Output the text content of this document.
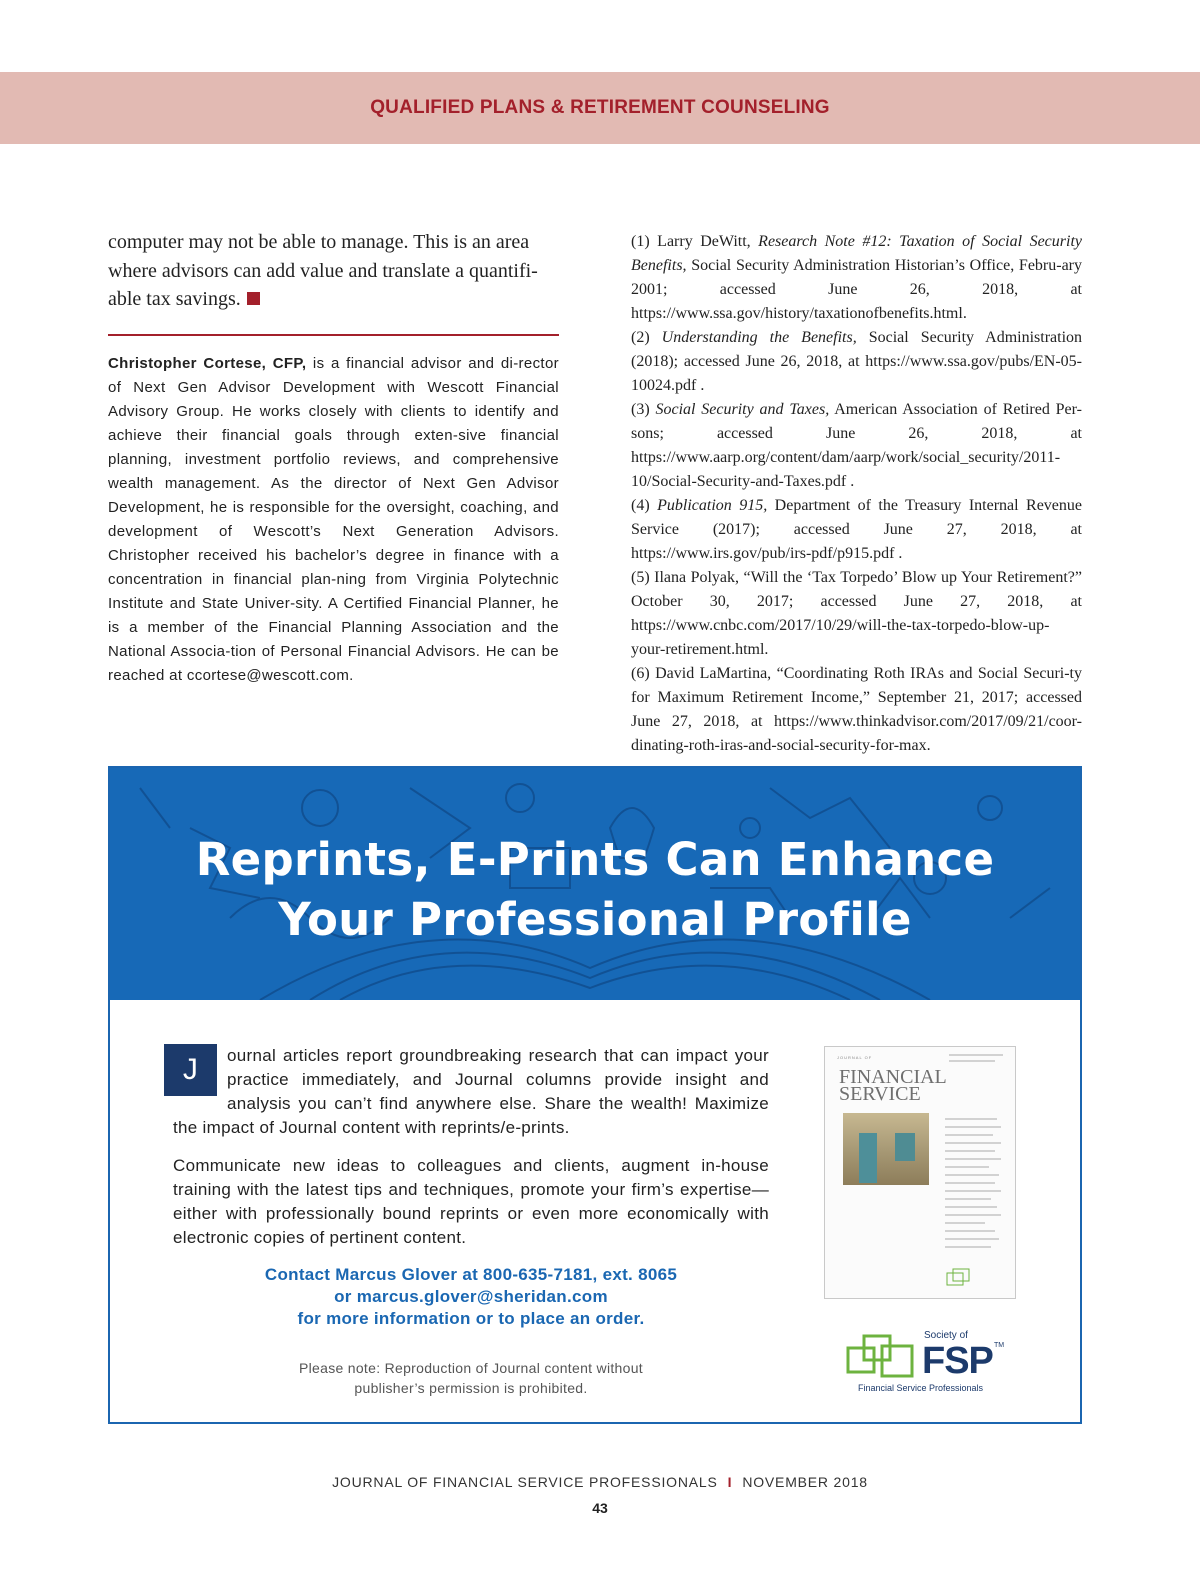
QUALIFIED PLANS & RETIREMENT COUNSELING

computer may not be able to manage. This is an area where advisors can add value and translate a quantifi-able tax savings.

Christopher Cortese, CFP, is a financial advisor and di-rector of Next Gen Advisor Development with Wescott Financial Advisory Group. He works closely with clients to identify and achieve their financial goals through exten-sive financial planning, investment portfolio reviews, and comprehensive wealth management. As the director of Next Gen Advisor Development, he is responsible for the oversight, coaching, and development of Wescott’s Next Generation Advisors. Christopher received his bachelor’s degree in finance with a concentration in financial plan-ning from Virginia Polytechnic Institute and State Univer-sity. A Certified Financial Planner, he is a member of the Financial Planning Association and the National Associa-tion of Personal Financial Advisors. He can be reached at ccortese@wescott.com.

(1) Larry DeWitt, Research Note #12: Taxation of Social Security Benefits, Social Security Administration Historian’s Office, Febru-ary 2001; accessed June 26, 2018, at https://www.ssa.gov/history/taxationofbenefits.html.

(2) Understanding the Benefits, Social Security Administration (2018); accessed June 26, 2018, at https://www.ssa.gov/pubs/EN-05-10024.pdf .

(3) Social Security and Taxes, American Association of Retired Per-sons; accessed June 26, 2018, at https://www.aarp.org/content/dam/aarp/work/social_security/2011-10/Social-Security-and-Taxes.pdf .

(4) Publication 915, Department of the Treasury Internal Revenue Service (2017); accessed June 27, 2018, at https://www.irs.gov/pub/irs-pdf/p915.pdf .

(5) Ilana Polyak, “Will the ‘Tax Torpedo’ Blow up Your Retirement?” October 30, 2017; accessed June 27, 2018, at https://www.cnbc.com/2017/10/29/will-the-tax-torpedo-blow-up-your-retirement.html.

(6) David LaMartina, “Coordinating Roth IRAs and Social Securi-ty for Maximum Retirement Income,” September 21, 2017; accessed June 27, 2018, at https://www.thinkadvisor.com/2017/09/21/coor-dinating-roth-iras-and-social-security-for-max.

Reprints, E-Prints Can Enhance
Your Professional Profile

J	ournal articles report groundbreaking research that can impact your practice immediately, and Journal columns provide insight and analysis you can’t find anywhere else. Share the wealth! Maximize the impact of Journal content with reprints/e-prints.

Communicate new ideas to colleagues and clients, augment in-house training with the latest tips and techniques, promote your firm’s expertise—either with professionally bound reprints or even more economically with electronic copies of pertinent content.

Contact Marcus Glover at 800-635-7181, ext. 8065
or marcus.glover@sheridan.com
for more information or to place an order.
Please note: Reproduction of Journal content without
publisher’s permission is prohibited.
JOURNAL OF
FINANCIAL
SERVICE
Society of
FSP TM
Financial Service Professionals
JOURNAL OF FINANCIAL SERVICE PROFESSIONALS I NOVEMBER 2018
43
